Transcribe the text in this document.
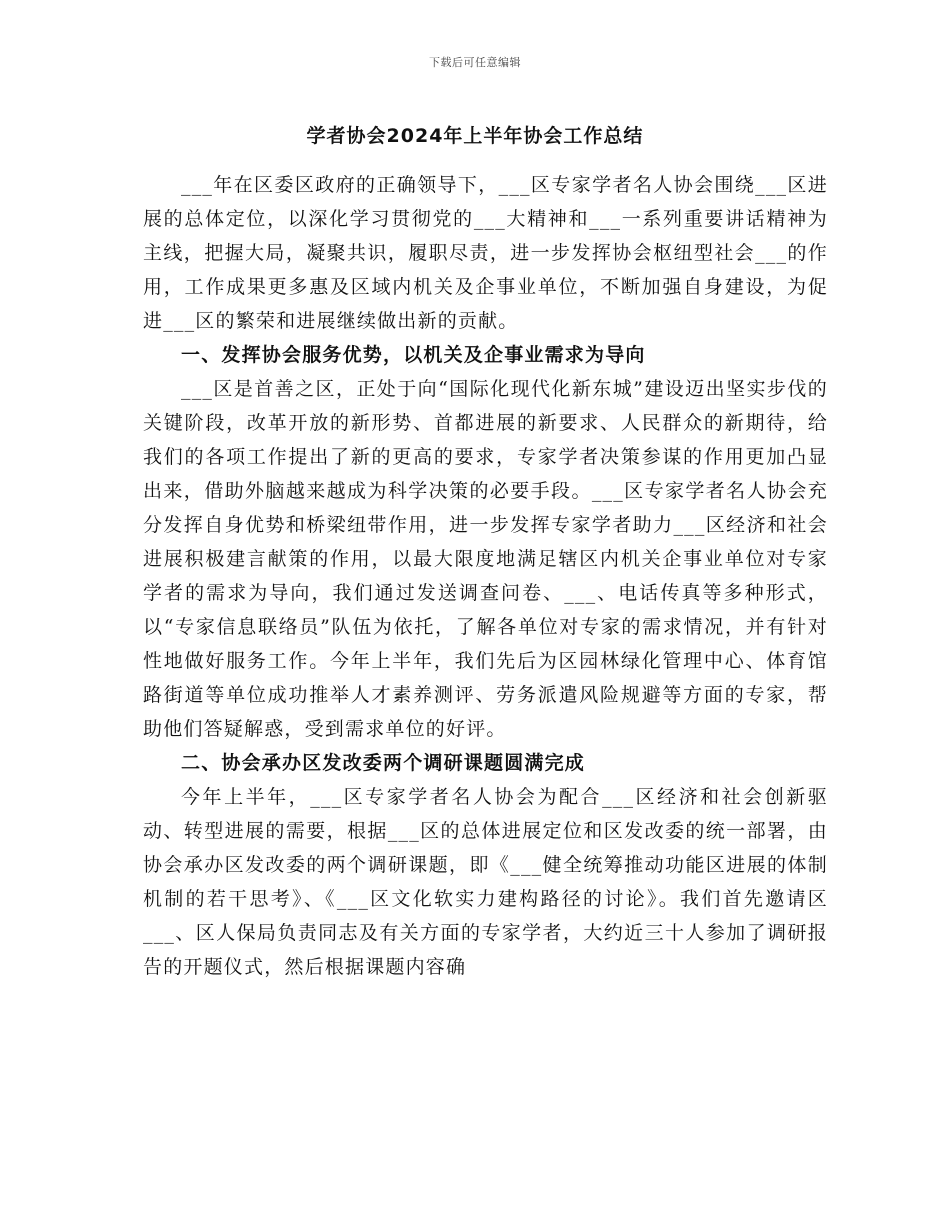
下载后可任意编辑
学者协会2024年上半年协会工作总结

___年在区委区政府的正确领导下，___区专家学者名人协会围绕___区进展的总体定位，以深化学习贯彻党的___大精神和___一系列重要讲话精神为主线，把握大局，凝聚共识，履职尽责，进一步发挥协会枢纽型社会___的作用，工作成果更多惠及区域内机关及企事业单位，不断加强自身建设，为促进___区的繁荣和进展继续做出新的贡献。

一、发挥协会服务优势，以机关及企事业需求为导向

___区是首善之区，正处于向“国际化现代化新东城”建设迈出坚实步伐的关键阶段，改革开放的新形势、首都进展的新要求、人民群众的新期待，给我们的各项工作提出了新的更高的要求，专家学者决策参谋的作用更加凸显出来，借助外脑越来越成为科学决策的必要手段。___区专家学者名人协会充分发挥自身优势和桥梁纽带作用，进一步发挥专家学者助力___区经济和社会进展积极建言献策的作用，以最大限度地满足辖区内机关企事业单位对专家学者的需求为导向，我们通过发送调查问卷、___、电话传真等多种形式，以“专家信息联络员”队伍为依托，了解各单位对专家的需求情况，并有针对性地做好服务工作。今年上半年，我们先后为区园林绿化管理中心、体育馆路街道等单位成功推举人才素养测评、劳务派遣风险规避等方面的专家，帮助他们答疑解惑，受到需求单位的好评。

二、协会承办区发改委两个调研课题圆满完成

今年上半年，___区专家学者名人协会为配合___区经济和社会创新驱动、转型进展的需要，根据___区的总体进展定位和区发改委的统一部署，由协会承办区发改委的两个调研课题，即《___健全统筹推动功能区进展的体制机制的若干思考》、《___区文化软实力建构路径的讨论》。我们首先邀请区___、区人保局负责同志及有关方面的专家学者，大约近三十人参加了调研报告的开题仪式，然后根据课题内容确
